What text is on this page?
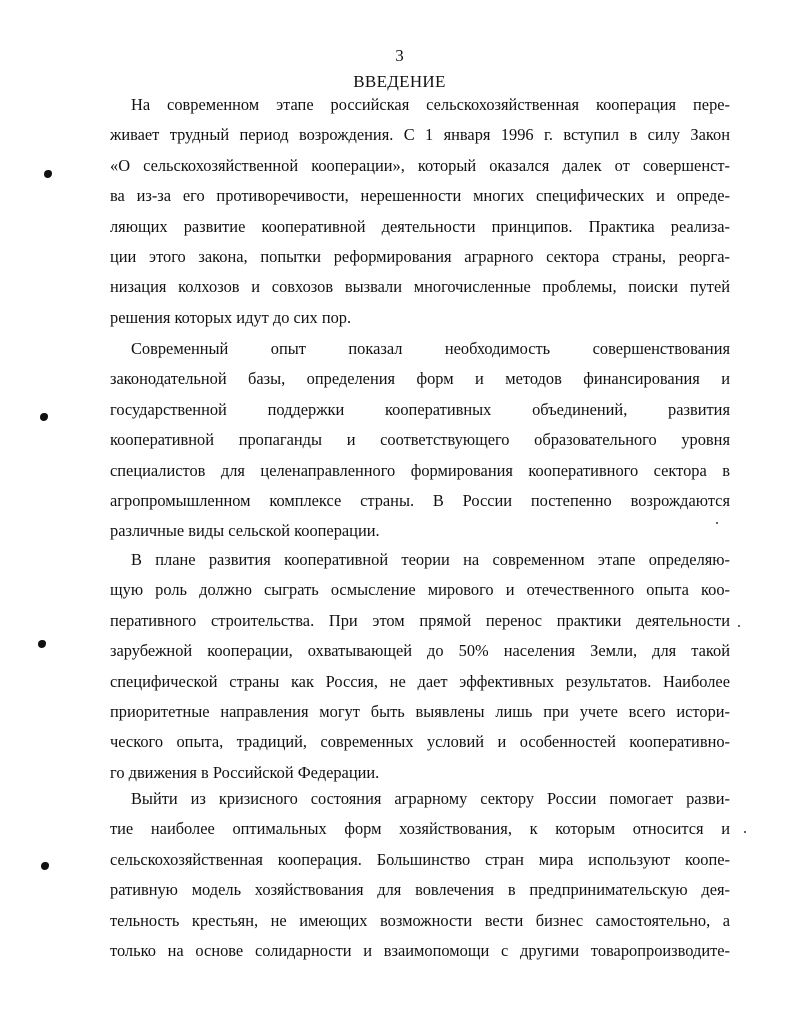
3
ВВЕДЕНИЕ
На современном этапе российская сельскохозяйственная кооперация пере-
живает трудный период возрождения. С 1 января 1996 г. вступил в силу Закон
«О сельскохозяйственной кооперации», который оказался далек от совершенст-
ва из-за его противоречивости, нерешенности многих специфических и опреде-
ляющих развитие кооперативной деятельности принципов. Практика реализа-
ции этого закона, попытки реформирования аграрного сектора страны, реорга-
низация колхозов и совхозов вызвали многочисленные проблемы, поиски путей
решения которых идут до сих пор.
Современный опыт показал необходимость совершенствования
законодательной базы, определения форм и методов финансирования и
государственной поддержки кооперативных объединений, развития
кооперативной пропаганды и соответствующего образовательного уровня
специалистов для целенаправленного формирования кооперативного сектора в
агропромышленном комплексе страны. В России постепенно возрождаются
различные виды сельской кооперации.
В плане развития кооперативной теории на современном этапе определяю-
щую роль должно сыграть осмысление мирового и отечественного опыта коо-
перативного строительства. При этом прямой перенос практики деятельности
зарубежной кооперации, охватывающей до 50% населения Земли, для такой
специфической страны как Россия, не дает эффективных результатов. Наиболее
приоритетные направления могут быть выявлены лишь при учете всего истори-
ческого опыта, традиций, современных условий и особенностей кооперативно-
го движения в Российской Федерации.
Выйти из кризисного состояния аграрному сектору России помогает разви-
тие наиболее оптимальных форм хозяйствования, к которым относится и
сельскохозяйственная кооперация. Большинство стран мира используют коопе-
ративную модель хозяйствования для вовлечения в предпринимательскую дея-
тельность крестьян, не имеющих возможности вести бизнес самостоятельно, а
только на основе солидарности и взаимопомощи с другими товаропроизводите-
